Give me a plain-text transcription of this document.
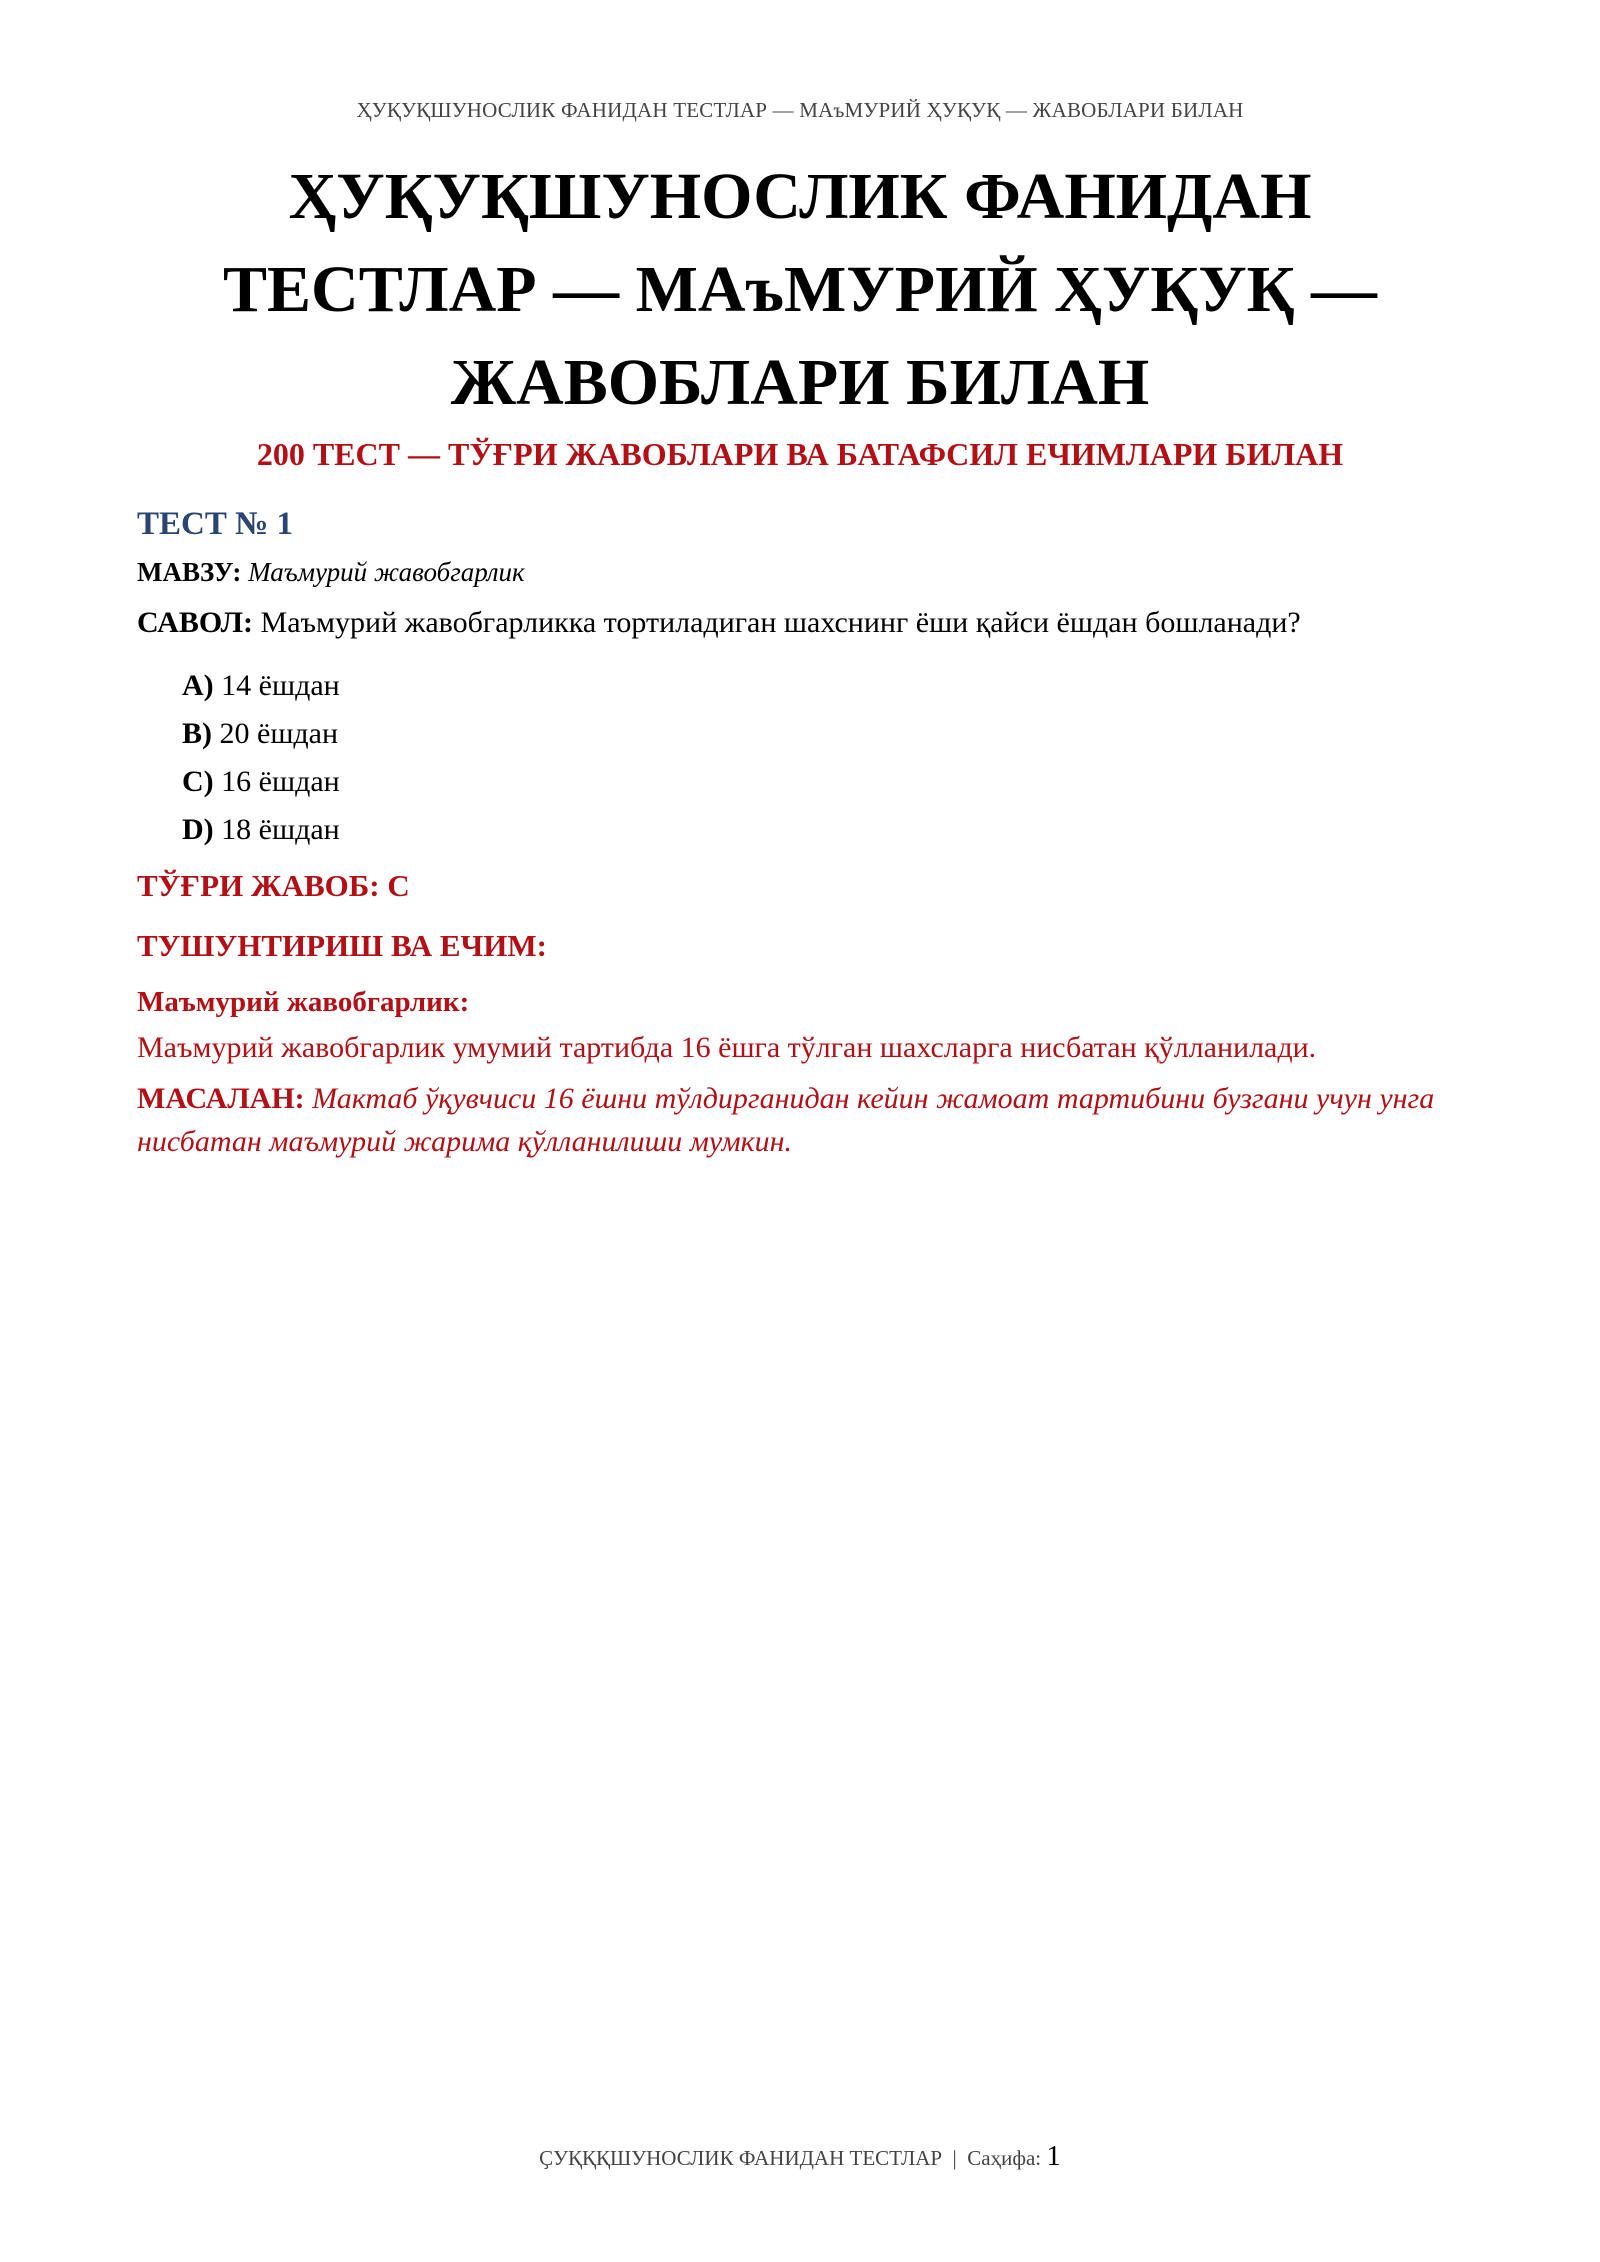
ҲУҚУҚШУНОСЛИК ФАНИДАН ТЕСТЛАР — МАъМУРИЙ ҲУҚУҚ — ЖАВОБЛАРИ БИЛАН
ҲУҚУҚШУНОСЛИК ФАНИДАН
ТЕСТЛАР — МАъМУРИЙ ҲУҚУҚ —
ЖАВОБЛАРИ БИЛАН
200 ТЕСТ — ТЎҒРИ ЖАВОБЛАРИ ВА БАТАФСИЛ ЕЧИМЛАРИ БИЛАН
ТЕСТ № 1

МАВЗУ: Маъмурий жавобгарлик

САВОЛ: Маъмурий жавобгарликка тортиладиган шахснинг ёши қайси ёшдан бошланади?

A) 14 ёшдан
B) 20 ёшдан
C) 16 ёшдан
D) 18 ёшдан
ТЎҒРИ ЖАВОБ: C
ТУШУНТИРИШ ВА ЕЧИМ:
Маъмурий жавобгарлик:

Маъмурий жавобгарлик умумий тартибда 16 ёшга тўлган шахсларга нисбатан қўлланилади.

МАСАЛАН: Мактаб ўқувчиси 16 ёшни тўлдирганидан кейин жамоат тартибини бузгани учун унга нисбатан маъмурий жарима қўлланилиши мумкин.

ҪУҚҚҚШУНОСЛИК ФАНИДАН ТЕСТЛАР | Саҳифа: 1
